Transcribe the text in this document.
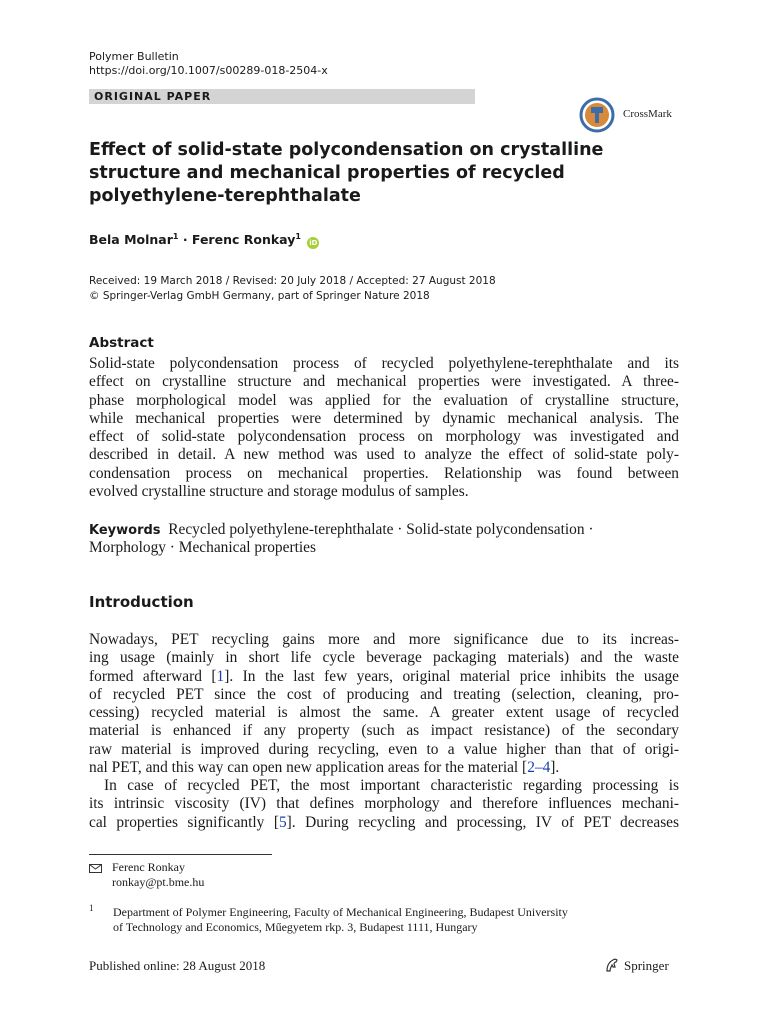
Polymer Bulletin
https://doi.org/10.1007/s00289-018-2504-x
ORIGINAL PAPER
CrossMark
Effect of solid-state polycondensation on crystalline
structure and mechanical properties of recycled
polyethylene-terephthalate
Bela Molnar$^1$ · Ferenc Ronkay$^1$ iD
Received: 19 March 2018 / Revised: 20 July 2018 / Accepted: 27 August 2018
© Springer-Verlag GmbH Germany, part of Springer Nature 2018
Abstract
Solid-state polycondensation process of recycled polyethylene-terephthalate and its
effect on crystalline structure and mechanical properties were investigated. A three-
phase morphological model was applied for the evaluation of crystalline structure,
while mechanical properties were determined by dynamic mechanical analysis. The
effect of solid-state polycondensation process on morphology was investigated and
described in detail. A new method was used to analyze the effect of solid-state poly-
condensation process on mechanical properties. Relationship was found between
evolved crystalline structure and storage modulus of samples.
Keywords Recycled polyethylene-terephthalate · Solid-state polycondensation ·
Morphology · Mechanical properties
Introduction
Nowadays, PET recycling gains more and more significance due to its increas-
ing usage (mainly in short life cycle beverage packaging materials) and the waste
formed afterward [1]. In the last few years, original material price inhibits the usage
of recycled PET since the cost of producing and treating (selection, cleaning, pro-
cessing) recycled material is almost the same. A greater extent usage of recycled
material is enhanced if any property (such as impact resistance) of the secondary
raw material is improved during recycling, even to a value higher than that of origi-
nal PET, and this way can open new application areas for the material [2–4].
In case of recycled PET, the most important characteristic regarding processing is
its intrinsic viscosity (IV) that defines morphology and therefore influences mechani-
cal properties significantly [5]. During recycling and processing, IV of PET decreases
Ferenc Ronkay
ronkay@pt.bme.hu
1 Department of Polymer Engineering, Faculty of Mechanical Engineering, Budapest University
of Technology and Economics, Műegyetem rkp. 3, Budapest 1111, Hungary
Published online: 28 August 2018	Springer
